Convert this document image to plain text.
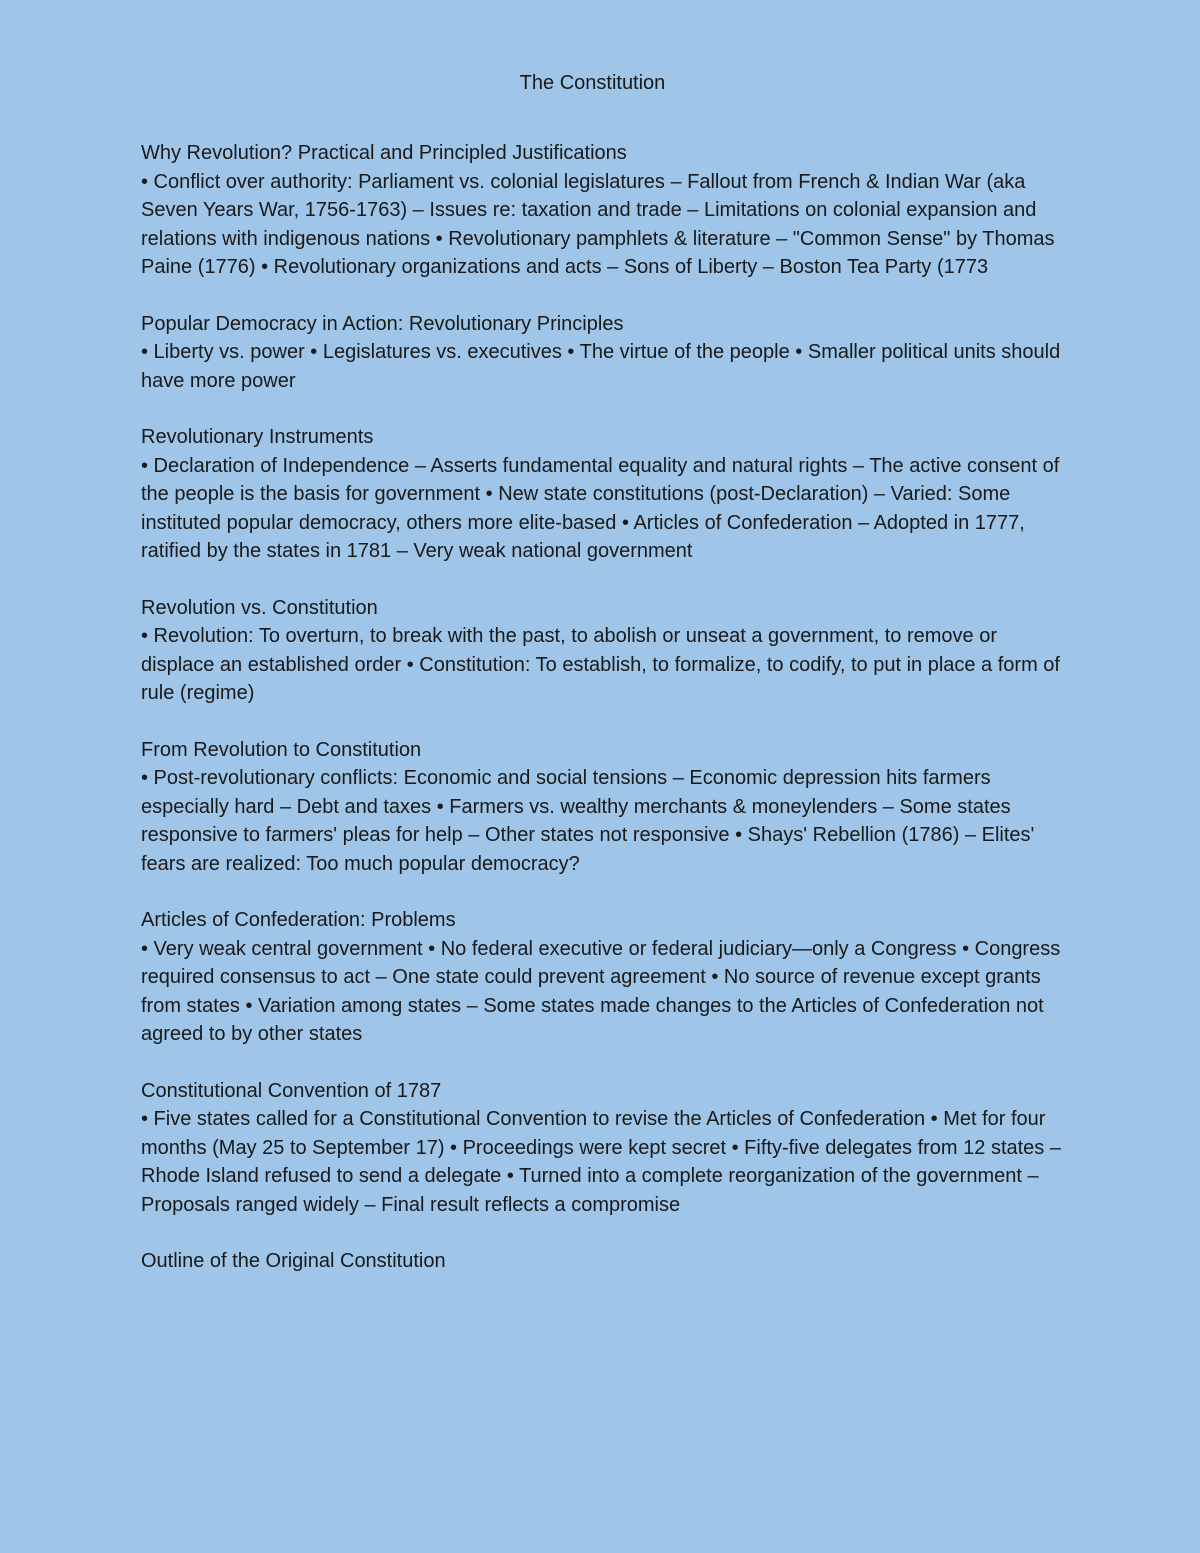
The Constitution

Why Revolution? Practical and Principled Justifications

• Conflict over authority: Parliament vs. colonial legislatures – Fallout from French & Indian War (aka Seven Years War, 1756-1763) – Issues re: taxation and trade – Limitations on colonial expansion and relations with indigenous nations • Revolutionary pamphlets & literature – "Common Sense" by Thomas Paine (1776) • Revolutionary organizations and acts – Sons of Liberty – Boston Tea Party (1773

Popular Democracy in Action: Revolutionary Principles

• Liberty vs. power • Legislatures vs. executives • The virtue of the people • Smaller political units should have more power

Revolutionary Instruments

• Declaration of Independence – Asserts fundamental equality and natural rights – The active consent of the people is the basis for government • New state constitutions (post-Declaration) – Varied: Some instituted popular democracy, others more elite-based • Articles of Confederation – Adopted in 1777, ratified by the states in 1781 – Very weak national government

Revolution vs. Constitution

• Revolution: To overturn, to break with the past, to abolish or unseat a government, to remove or displace an established order • Constitution: To establish, to formalize, to codify, to put in place a form of rule (regime)

From Revolution to Constitution

• Post-revolutionary conflicts: Economic and social tensions – Economic depression hits farmers especially hard – Debt and taxes • Farmers vs. wealthy merchants & moneylenders – Some states responsive to farmers' pleas for help – Other states not responsive • Shays' Rebellion (1786) – Elites' fears are realized: Too much popular democracy?

Articles of Confederation: Problems

• Very weak central government • No federal executive or federal judiciary—only a Congress • Congress required consensus to act – One state could prevent agreement • No source of revenue except grants from states • Variation among states – Some states made changes to the Articles of Confederation not agreed to by other states

Constitutional Convention of 1787

• Five states called for a Constitutional Convention to revise the Articles of Confederation • Met for four months (May 25 to September 17) • Proceedings were kept secret • Fifty-five delegates from 12 states – Rhode Island refused to send a delegate • Turned into a complete reorganization of the government – Proposals ranged widely – Final result reflects a compromise

Outline of the Original Constitution
